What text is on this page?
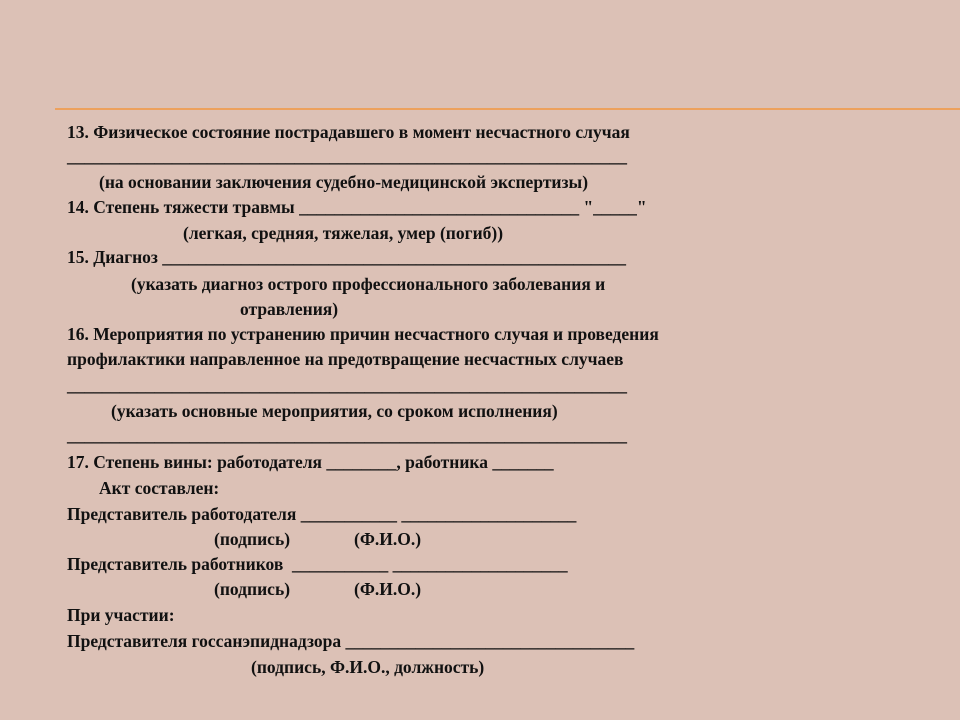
13. Физическое состояние пострадавшего в момент несчастного случая

________________________________________________________________

(на основании заключения судебно-медицинской экспертизы)

14. Степень тяжести травмы ________________________________ "_____"

(легкая, средняя, тяжелая, умер (погиб))

15. Диагноз _____________________________________________________

(указать диагноз острого профессионального заболевания и

отравления)

16. Мероприятия по устранению причин несчастного случая и проведения

профилактики направленное на предотвращение несчастных случаев

________________________________________________________________

(указать основные мероприятия, со сроком исполнения)

________________________________________________________________

17. Степень вины: работодателя ________, работника _______

Акт составлен:

Представитель работодателя ___________ ____________________

(подпись)	(Ф.И.О.)

Представитель работников  ___________ ____________________

(подпись)	(Ф.И.О.)

При участии:

Представителя госсанэпиднадзора _________________________________

(подпись, Ф.И.О., должность)
